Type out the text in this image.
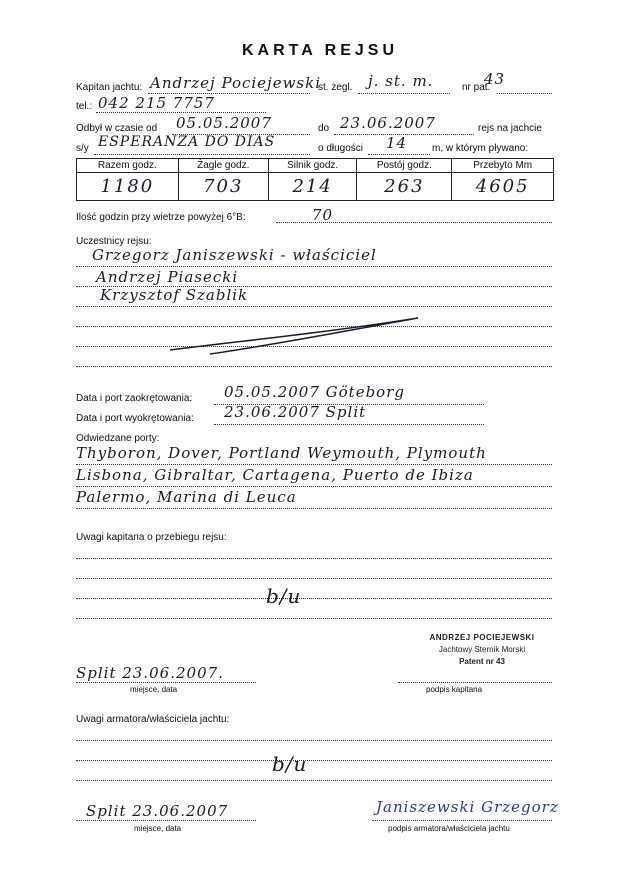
KARTA REJSU
Kapitan jachtu: Andrzej Pociejewski
st. żegl. j. st. m.	nr pat.
43
tel.: 042 215 7757
Odbył w czasie od 05.05.2007	do 23.06.2007	rejs na jachcie
s/y ESPERANZA DO DIAS	o długości 14 m, w którym pływano:
Razem godz.	Żagle godz.	Silnik godz.	Postój godz.	Przebyto Mm
1180	703	214	263	4605
Ilość godzin przy wietrze powyżej 6°B:	70
Uczestnicy rejsu:
Grzegorz Janiszewski - właściciel
Andrzej Piasecki
Krzysztof Szablik
Data i port zaokrętowania: 05.05.2007 Göteborg
Data i port wyokrętowania: 23.06.2007 Split
Odwiedzane porty:
Thyboron, Dover, Portland Weymouth, Plymouth
Lisbona, Gibraltar, Cartagena, Puerto de Ibiza
Palermo, Marina di Leuca
Uwagi kapitana o przebiegu rejsu:
b/u
Split 23.06.2007.
miejsce, data
ANDRZEJ POCIEJEWSKI
Jachtowy Sternik Morski
Patent nr 43
podpis kapitana
Uwagi armatora/właściciela jachtu:
b/u
Split 23.06.2007
miejsce, data
Janiszewski Grzegorz
podpis armatora/właściciela jachtu
